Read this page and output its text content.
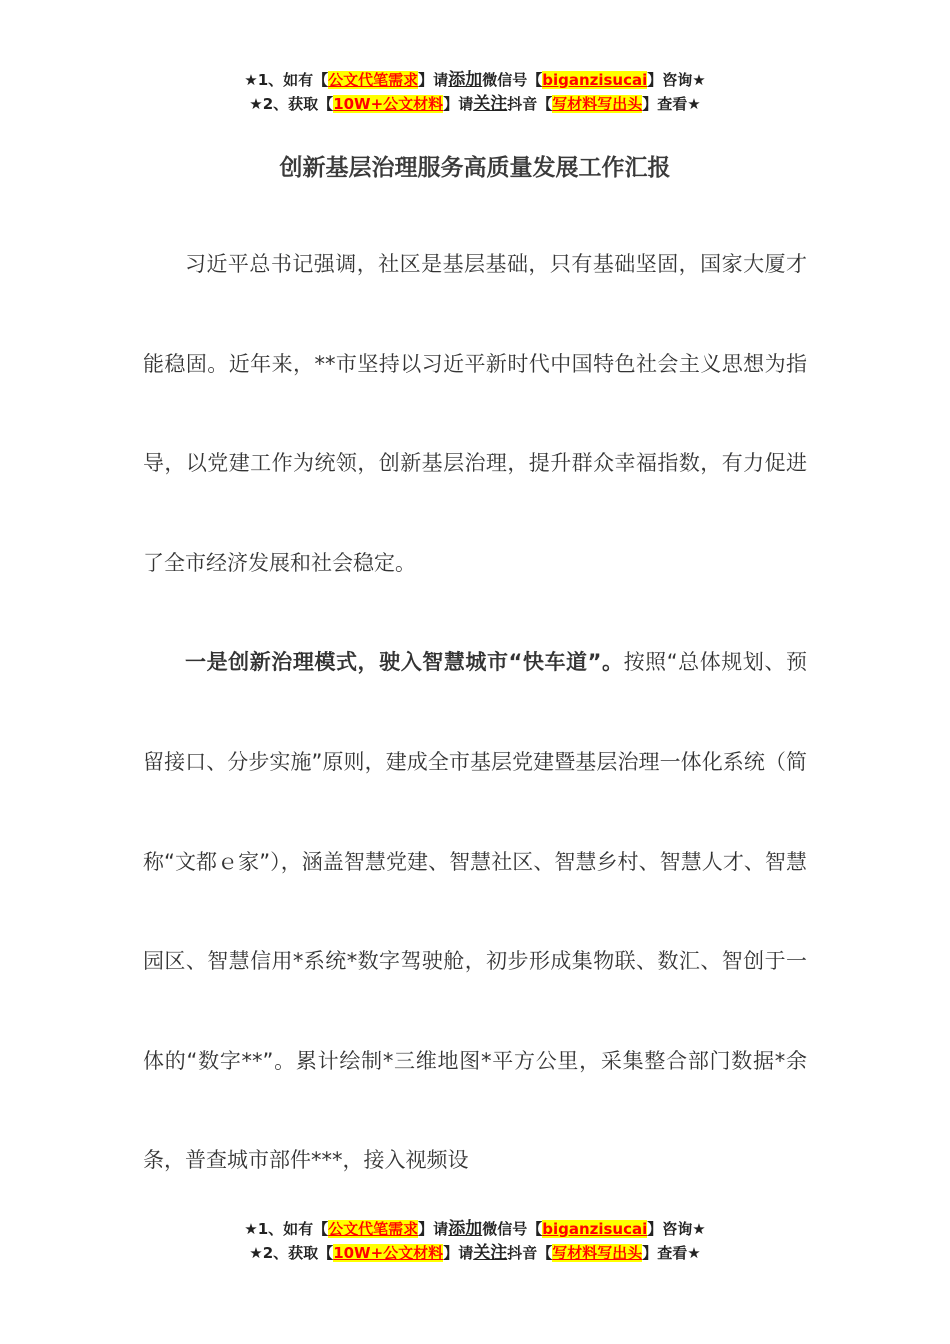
★1、如有【公文代笔需求】请添加微信号【biganzisucai】咨询★
★2、获取【10W+公文材料】请关注抖音【写材料写出头】查看★
创新基层治理服务高质量发展工作汇报

习近平总书记强调，社区是基层基础，只有基础坚固，国家大厦才能稳固。近年来，**市坚持以习近平新时代中国特色社会主义思想为指导，以党建工作为统领，创新基层治理，提升群众幸福指数，有力促进了全市经济发展和社会稳定。

一是创新治理模式，驶入智慧城市“快车道”。按照“总体规划、预留接口、分步实施”原则，建成全市基层党建暨基层治理一体化系统（简称“文都ｅ家”），涵盖智慧党建、智慧社区、智慧乡村、智慧人才、智慧园区、智慧信用*系统*数字驾驶舱，初步形成集物联、数汇、智创于一体的“数字**”。累计绘制*三维地图*平方公里，采集整合部门数据*余条，普查城市部件***，接入视频设

★1、如有【公文代笔需求】请添加微信号【biganzisucai】咨询★
★2、获取【10W+公文材料】请关注抖音【写材料写出头】查看★
